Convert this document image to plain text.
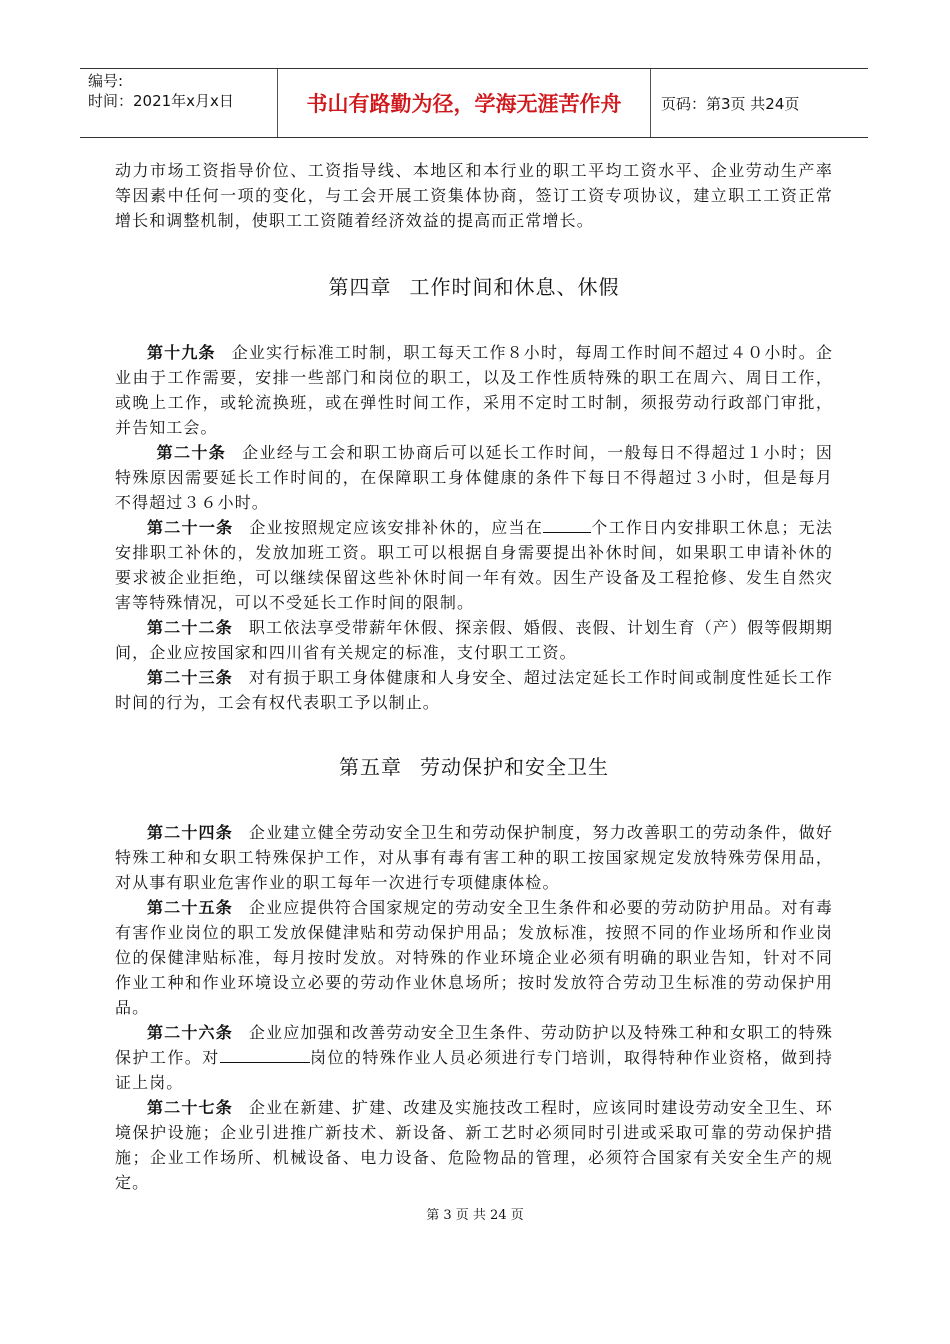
编号:
时间：2021年x月x日	书山有路勤为径，学海无涯苦作舟	页码：第3页 共24页

动力市场工资指导价位、工资指导线、本地区和本行业的职工平均工资水平、企业劳动生产率等因素中任何一项的变化，与工会开展工资集体协商，签订工资专项协议，建立职工工资正常增长和调整机制，使职工工资随着经济效益的提高而正常增长。

第四章 工作时间和休息、休假

第十九条 企业实行标准工时制，职工每天工作８小时，每周工作时间不超过４０小时。企业由于工作需要，安排一些部门和岗位的职工，以及工作性质特殊的职工在周六、周日工作，或晚上工作，或轮流换班，或在弹性时间工作，采用不定时工时制，须报劳动行政部门审批，并告知工会。

第二十条 企业经与工会和职工协商后可以延长工作时间，一般每日不得超过１小时；因特殊原因需要延长工作时间的，在保障职工身体健康的条件下每日不得超过３小时，但是每月不得超过３６小时。

第二十一条 企业按照规定应该安排补休的，应当在	个工作日内安排职工休息；无法安排职工补休的，发放加班工资。职工可以根据自身需要提出补休时间，如果职工申请补休的要求被企业拒绝，可以继续保留这些补休时间一年有效。因生产设备及工程抢修、发生自然灾害等特殊情况，可以不受延长工作时间的限制。

第二十二条 职工依法享受带薪年休假、探亲假、婚假、丧假、计划生育（产）假等假期期间，企业应按国家和四川省有关规定的标准，支付职工工资。

第二十三条 对有损于职工身体健康和人身安全、超过法定延长工作时间或制度性延长工作时间的行为，工会有权代表职工予以制止。

第五章 劳动保护和安全卫生

第二十四条 企业建立健全劳动安全卫生和劳动保护制度，努力改善职工的劳动条件，做好特殊工种和女职工特殊保护工作，对从事有毒有害工种的职工按国家规定发放特殊劳保用品，对从事有职业危害作业的职工每年一次进行专项健康体检。

第二十五条 企业应提供符合国家规定的劳动安全卫生条件和必要的劳动防护用品。对有毒有害作业岗位的职工发放保健津贴和劳动保护用品；发放标准，按照不同的作业场所和作业岗位的保健津贴标准，每月按时发放。对特殊的作业环境企业必须有明确的职业告知，针对不同作业工种和作业环境设立必要的劳动作业休息场所；按时发放符合劳动卫生标准的劳动保护用品。

第二十六条 企业应加强和改善劳动安全卫生条件、劳动防护以及特殊工种和女职工的特殊保护工作。对	岗位的特殊作业人员必须进行专门培训，取得特种作业资格，做到持证上岗。

第二十七条 企业在新建、扩建、改建及实施技改工程时，应该同时建设劳动安全卫生、环境保护设施；企业引进推广新技术、新设备、新工艺时必须同时引进或采取可靠的劳动保护措施；企业工作场所、机械设备、电力设备、危险物品的管理，必须符合国家有关安全生产的规定。

第 3 页 共 24 页
